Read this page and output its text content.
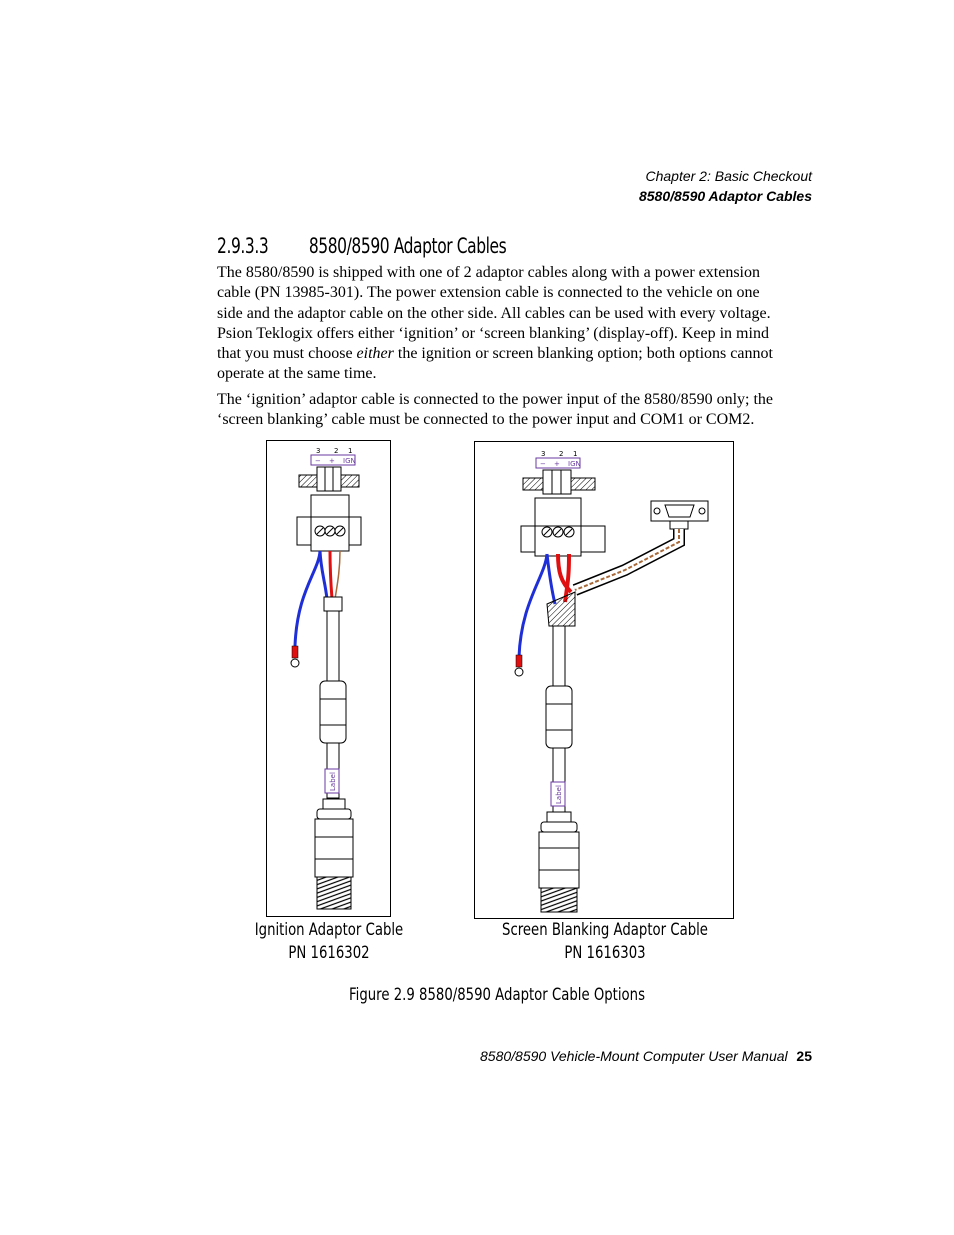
Chapter 2: Basic Checkout
8580/8590 Adaptor Cables
2.9.3.3 8580/8590 Adaptor Cables
The 8580/8590 is shipped with one of 2 adaptor cables along with a power extension cable (PN 13985-301). The power extension cable is connected to the vehicle on one side and the adaptor cable on the other side. All cables can be used with every voltage. Psion Teklogix offers either ‘ignition’ or ‘screen blanking’ (display-off). Keep in mind that you must choose either the ignition or screen blanking option; both options cannot operate at the same time.
The ‘ignition’ adaptor cable is connected to the power input of the 8580/8590 only; the ‘screen blanking’ cable must be connected to the power input and COM1 or COM2.
3 2 1
− + IGN
Label
3 2 1
− + IGN
Label
Ignition Adaptor Cable
PN 1616302
Screen Blanking Adaptor Cable
PN 1616303
Figure 2.9 8580/8590 Adaptor Cable Options
8580/8590 Vehicle-Mount Computer User Manual 25
